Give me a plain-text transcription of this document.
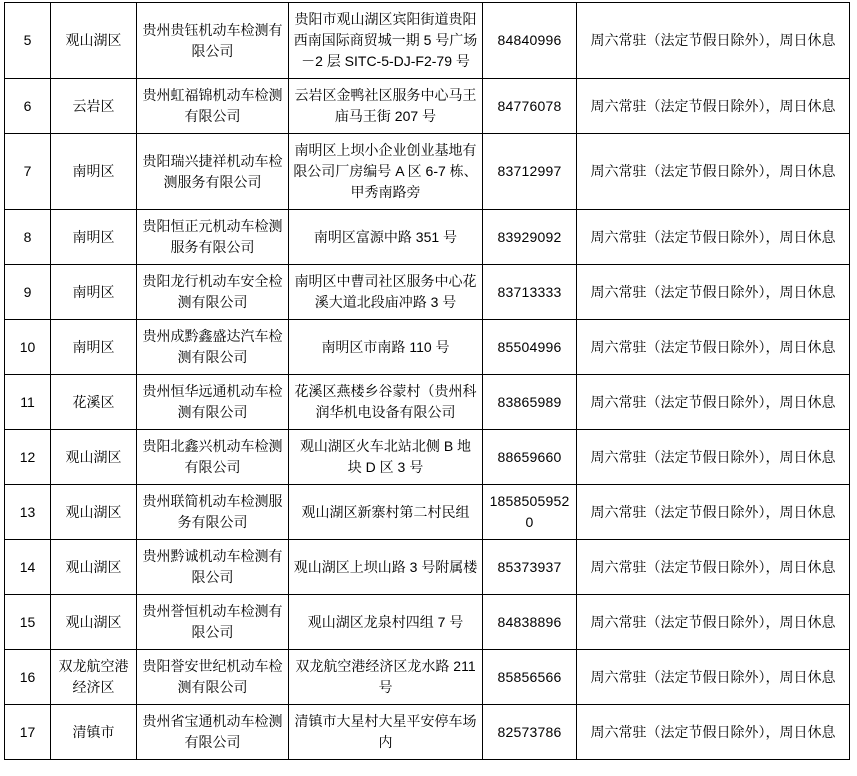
5	观山湖区	贵州贵钰机动车检测有限公司	贵阳市观山湖区宾阳街道贵阳西南国际商贸城一期 5 号广场－2 层 SITC-5-DJ-F2-79 号	84840996	周六常驻（法定节假日除外），周日休息
6	云岩区	贵州虹福锦机动车检测有限公司	云岩区金鸭社区服务中心马王庙马王街 207 号	84776078	周六常驻（法定节假日除外），周日休息
7	南明区	贵阳瑞兴捷祥机动车检测服务有限公司	南明区上坝小企业创业基地有限公司厂房编号 A 区 6-7 栋、甲秀南路旁	83712997	周六常驻（法定节假日除外），周日休息
8	南明区	贵阳恒正元机动车检测服务有限公司	南明区富源中路 351 号	83929092	周六常驻（法定节假日除外），周日休息
9	南明区	贵阳龙行机动车安全检测有限公司	南明区中曹司社区服务中心花溪大道北段庙冲路 3 号	83713333	周六常驻（法定节假日除外），周日休息
10	南明区	贵州成黔鑫盛达汽车检测有限公司	南明区市南路 110 号	85504996	周六常驻（法定节假日除外），周日休息
11	花溪区	贵州恒华远通机动车检测有限公司	花溪区燕楼乡谷蒙村（贵州科润华机电设备有限公司	83865989	周六常驻（法定节假日除外），周日休息
12	观山湖区	贵阳北鑫兴机动车检测有限公司	观山湖区火车北站北侧 B 地块 D 区 3 号	88659660	周六常驻（法定节假日除外），周日休息
13	观山湖区	贵州联简机动车检测服务有限公司	观山湖区新寨村第二村民组	18585059520	周六常驻（法定节假日除外），周日休息
14	观山湖区	贵州黔诚机动车检测有限公司	观山湖区上坝山路 3 号附属楼	85373937	周六常驻（法定节假日除外），周日休息
15	观山湖区	贵州誉恒机动车检测有限公司	观山湖区龙泉村四组 7 号	84838896	周六常驻（法定节假日除外），周日休息
16	双龙航空港经济区	贵阳誉安世纪机动车检测有限公司	双龙航空港经济区龙水路 211 号	85856566	周六常驻（法定节假日除外），周日休息
17	清镇市	贵州省宝通机动车检测有限公司	清镇市大星村大星平安停车场内	82573786	周六常驻（法定节假日除外），周日休息
